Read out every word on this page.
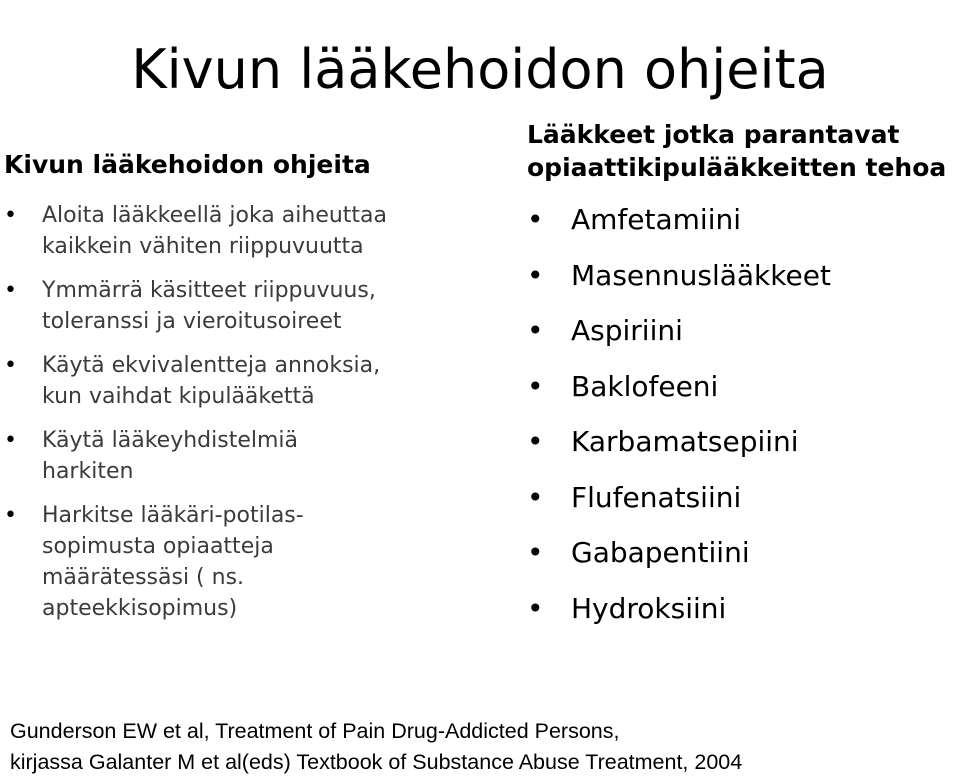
Kivun lääkehoidon ohjeita
Kivun lääkehoidon ohjeita
• Aloita lääkkeellä joka aiheuttaa
kaikkein vähiten riippuvuutta
• Ymmärrä käsitteet riippuvuus,
toleranssi ja vieroitusoireet
• Käytä ekvivalentteja annoksia,
kun vaihdat kipulääkettä
• Käytä lääkeyhdistelmiä
harkiten
• Harkitse lääkäri-potilas-
sopimusta opiaatteja
määrätessäsi ( ns.
apteekkisopimus)
Lääkkeet jotka parantavat
opiaattikipulääkkeitten tehoa
• Amfetamiini
• Masennuslääkkeet
• Aspiriini
• Baklofeeni
• Karbamatsepiini
• Flufenatsiini
• Gabapentiini
• Hydroksiini
Gunderson EW et al, Treatment of Pain Drug-Addicted Persons,
kirjassa Galanter M et al(eds) Textbook of Substance Abuse Treatment, 2004
